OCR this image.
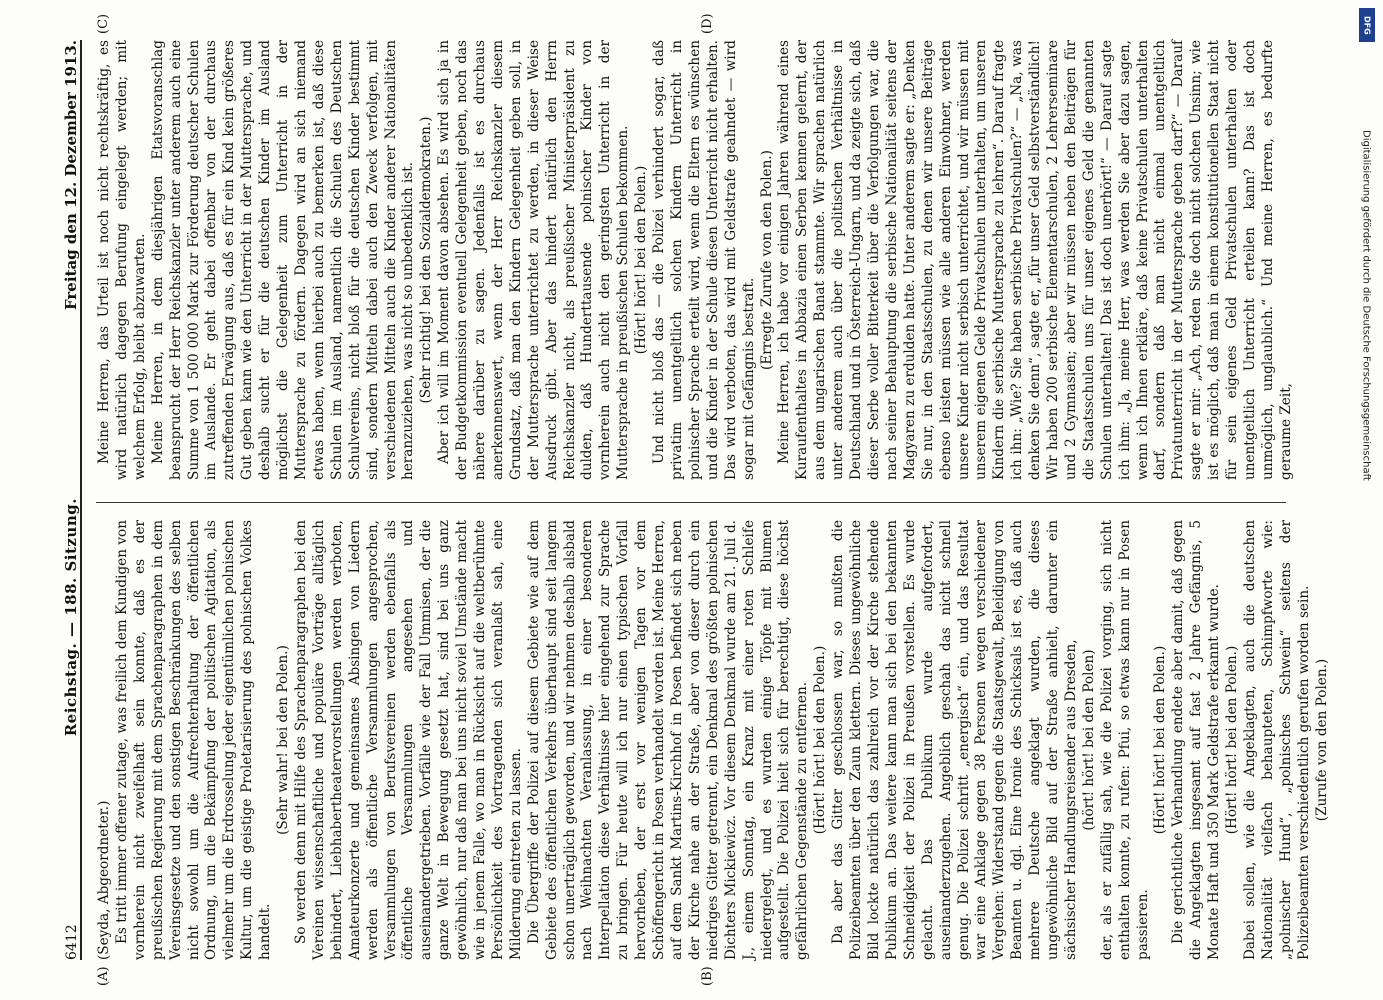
6412
Reichstag. — 188. Sitzung.
Freitag den 12. Dezember 1913.
(A)	(B)
(C)	(D)

(Seyda, Abgeordneter.) Es tritt immer offener zutage, was freilich dem Kundigen von vornherein nicht zweifelhaft sein konnte, daß es der preußischen Regierung mit dem Sprachenparagraphen in dem Vereinsgesetze und den sonstigen Beschränkungen des selben nicht sowohl um die Aufrechterhaltung der öffentlichen Ordnung, um die Bekämpfung der politischen Agitation, als vielmehr um die Erdrosselung jeder eigentümlichen polnischen Kultur, um die geistige Proletarisierung des polnischen Volkes handelt.

(Sehr wahr! bei den Polen.) So werden denn mit Hilfe des Sprachenparagraphen bei den Vereinen wissenschaftliche und populäre Vorträge alltäglich behindert, Liebhabertheatervorstellungen werden verboten, Amateurkonzerte und gemeinsames Absingen von Liedern werden als öffentliche Versammlungen angesprochen, Versammlungen von Berufsvereinen werden ebenfalls als öffentliche Versammlungen angesehen und auseinandergetrieben. Vorfälle wie der Fall Ummisen, der die ganze Welt in Bewegung gesetzt hat, sind bei uns ganz gewöhnlich, nur daß man bei uns nicht soviel Umstände macht wie in jenem Falle, wo man in Rücksicht auf die weltberühmte Persönlichkeit des Vortragenden sich veranlaßt sah, eine Milderung eintreten zu lassen. Die Übergriffe der Polizei auf diesem Gebiete wie auf dem Gebiete des öffentlichen Verkehrs überhaupt sind seit langem schon unerträglich geworden, und wir nehmen deshalb alsbald nach Weihnachten Veranlassung, in einer besonderen Interpellation diese Verhältnisse hier eingehend zur Sprache zu bringen. Für heute will ich nur einen typischen Vorfall hervorheben, der erst vor wenigen Tagen vor dem Schöffengericht in Posen verhandelt worden ist. Meine Herren, auf dem Sankt Martins-Kirchhof in Posen befindet sich neben der Kirche nahe an der Straße, aber von dieser durch ein niedriges Gitter getrennt, ein Denkmal des größten polnischen Dichters Mickiewicz. Vor diesem Denkmal wurde am 21. Juli d. J., einem Sonntag, ein Kranz mit einer roten Schleife niedergelegt, und es wurden einige Töpfe mit Blumen aufgestellt. Die Polizei hielt sich für berechtigt, diese höchst gefährlichen Gegenstände zu entfernen. (Hört! hört! bei den Polen.) Da aber das Gitter geschlossen war, so mußten die Polizeibeamten über den Zaun klettern. Dieses ungewöhnliche Bild lockte natürlich das zahlreich vor der Kirche stehende Publikum an. Das weitere kann man sich bei den bekannten Schneidigkeit der Polizei in Preußen vorstellen. Es wurde gelacht. Das Publikum wurde aufgefordert, auseinanderzugehen. Angeblich geschah das nicht schnell genug. Die Polizei schritt „energisch“ ein, und das Resultat war eine Anklage gegen 38 Personen wegen verschiedener Vergehen: Widerstand gegen die Staatsgewalt, Beleidigung von Beamten u. dgl. Eine Ironie des Schicksals ist es, daß auch mehrere Deutsche angeklagt wurden, die dieses ungewöhnliche Bild auf der Straße anhielt, darunter ein sächsischer Handlungsreisender aus Dresden, (hört! hört! bei den Polen) der, als er zufällig sah, wie die Polizei vorging, sich nicht enthalten konnte, zu rufen: Pfui, so etwas kann nur in Posen passieren.

(Hört! hört! bei den Polen.) Die gerichtliche Verhandlung endete aber damit, daß gegen die Angeklagten insgesamt auf fast 2 Jahre Gefängnis, 5 Monate Haft und 350 Mark Geldstrafe erkannt wurde. (Hört! hört! bei den Polen.) Dabei sollen, wie die Angeklagten, auch die deutschen Nationalität vielfach behaupteten, Schimpfworte wie: „polnischer Hund“, „polnisches Schwein“ seitens der Polizeibeamten verschiedentlich gerufen worden sein. (Zurufe von den Polen.)

Meine Herren, das Urteil ist noch nicht rechtskräftig, es wird natürlich dagegen Berufung eingelegt werden; mit welchem Erfolg, bleibt abzuwarten. Meine Herren, in dem diesjährigen Etatsvoranschlag beansprucht der Herr Reichskanzler unter anderem auch eine Summe von 1 500 000 Mark zur Förderung deutscher Schulen im Auslande. Er geht dabei offenbar von der durchaus zutreffenden Erwägung aus, daß es für ein Kind kein größeres Gut geben kann wie den Unterricht in der Muttersprache, und deshalb sucht er für die deutschen Kinder im Ausland möglichst die Gelegenheit zum Unterricht in der Muttersprache zu fördern. Dagegen wird an sich niemand etwas haben, wenn hierbei auch zu bemerken ist, daß diese Schulen im Ausland, namentlich die Schulen des Deutschen Schulvereins, nicht bloß für die deutschen Kinder bestimmt sind, sondern Mitteln dabei auch den Zweck verfolgen, mit verschiedenen Mitteln auch die Kinder anderer Nationalitäten heranzuziehen, was nicht so unbedenklich ist. (Sehr richtig! bei den Sozialdemokraten.) Aber ich will im Moment davon absehen. Es wird sich ja in der Budgetkommission eventuell Gelegenheit geben, noch das nähere darüber zu sagen. Jedenfalls ist es durchaus anerkennenswert, wenn der Herr Reichskanzler diesem Grundsatz, daß man den Kindern Gelegenheit geben soll, in der Muttersprache unterrichtet zu werden, in dieser Weise Ausdruck gibt. Aber das hindert natürlich den Herrn Reichskanzler nicht, als preußischer Ministerpräsident zu dulden, daß Hunderttausende polnischer Kinder von vornherein auch nicht den geringsten Unterricht in der Muttersprache in preußischen Schulen bekommen. (Hört! hört! bei den Polen.) Und nicht bloß das — die Polizei verhindert sogar, daß privatim unentgeltlich solchen Kindern Unterricht in polnischer Sprache erteilt wird, wenn die Eltern es wünschen und die Kinder in der Schule diesen Unterricht nicht erhalten. Das wird verboten, das wird mit Geldstrafe geahndet — wird sogar mit Gefängnis bestraft.

(Erregte Zurufe von den Polen.) Meine Herren, ich habe vor einigen Jahren während eines Kuraufenthaltes in Abbazia einen Serben kennen gelernt, der aus dem ungarischen Banat stammte. Wir sprachen natürlich unter anderem auch über die politischen Verhältnisse in Deutschland und in Österreich-Ungarn, und da zeigte sich, daß dieser Serbe voller Bitterkeit über die Verfolgungen war, die nach seiner Behauptung die serbische Nationalität seitens der Magyaren zu erdulden hatte. Unter anderem sagte er: „Denken Sie nur, in den Staatsschulen, zu denen wir unsere Beiträge ebenso leisten müssen wie alle anderen Einwohner, werden unsere Kinder nicht serbisch unterrichtet, und wir müssen mit unserem eigenen Gelde Privatschulen unterhalten, um unseren Kindern die serbische Muttersprache zu lehren“. Darauf fragte ich ihn: „Wie? Sie haben serbische Privatschulen?“ — „Na, was denken Sie denn“, sagte er, „für unser Geld selbstverständlich! Wir haben 200 serbische Elementarschulen, 2 Lehrerseminare und 2 Gymnasien; aber wir müssen neben den Beiträgen für die Staatsschulen uns für unser eigenes Geld die genannten Schulen unterhalten! Das ist doch unerhört!“ — Darauf sagte ich ihm: „Ja, meine Herr, was werden Sie aber dazu sagen, wenn ich Ihnen erkläre, daß keine Privatschulen unterhalten darf, sondern daß man nicht einmal unentgeltlich Privatunterricht in der Muttersprache geben darf?“ — Darauf sagte er mir: „Ach, reden Sie doch nicht solchen Unsinn; wie ist es möglich, daß man in einem konstitutionellen Staat nicht für sein eigenes Geld Privatschulen unterhalten oder unentgeltlich Unterricht erteilen kann? Das ist doch unmöglich, unglaublich.“ Und meine Herren, es bedurfte geraume Zeit,	Digitalisierung gefördert durch die Deutsche Forschungsgemeinschaft
DFG
